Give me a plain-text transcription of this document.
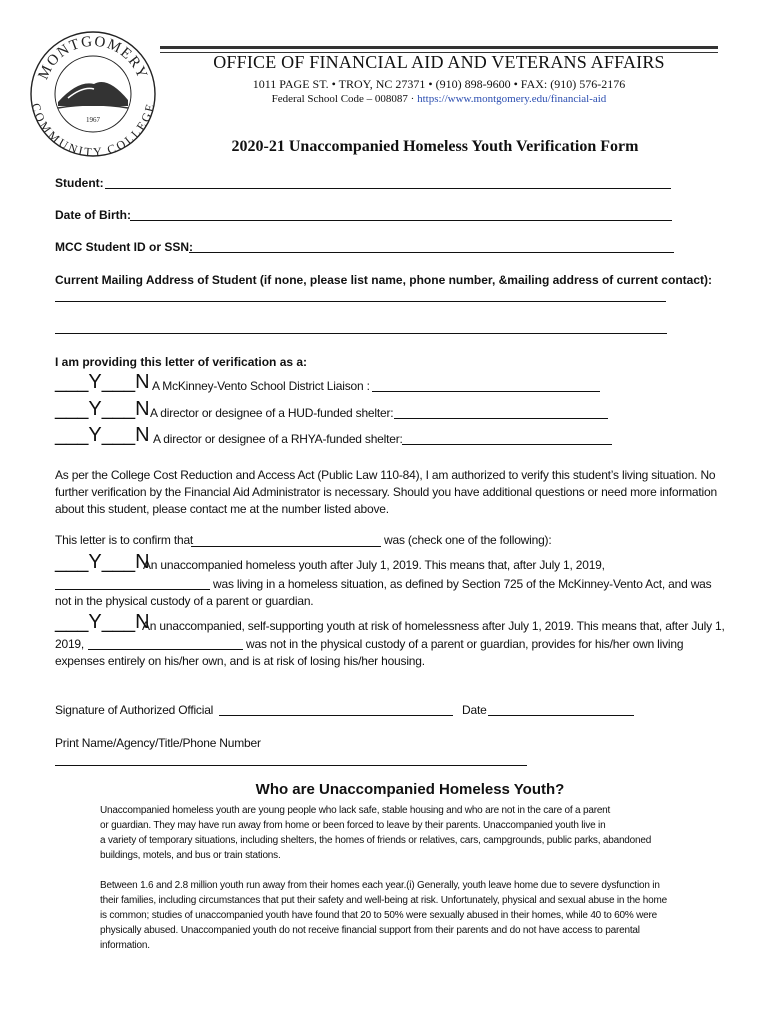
MONTGOMERY
COMMUNITY COLLEGE
1967
OFFICE OF FINANCIAL AID AND VETERANS AFFAIRS
1011 PAGE ST. • TROY, NC 27371 • (910) 898-9600 • FAX: (910) 576-2176
Federal School Code – 008087 · https://www.montgomery.edu/financial-aid
2020-21 Unaccompanied Homeless Youth Verification Form
Student:
Date of Birth:
MCC Student ID or SSN:
Current Mailing Address of Student (if none, please list name, phone number, &mailing address of current contact):
I am providing this letter of verification as a:
___Y___N A McKinney-Vento School District Liaison :
___Y___N A director or designee of a HUD-funded shelter:
___Y___N A director or designee of a RHYA-funded shelter:
As per the College Cost Reduction and Access Act (Public Law 110-84), I am authorized to verify this student’s living situation. No
further verification by the Financial Aid Administrator is necessary. Should you have additional questions or need more information
about this student, please contact me at the number listed above.
This letter is to confirm that	was (check one of the following):
___Y___N
An unaccompanied homeless youth after July 1, 2019. This means that, after July 1, 2019,
was living in a homeless situation, as defined by Section 725 of the McKinney-Vento Act, and was
not in the physical custody of a parent or guardian.
___Y___N
An unaccompanied, self-supporting youth at risk of homelessness after July 1, 2019. This means that, after July 1,
2019,	was not in the physical custody of a parent or guardian, provides for his/her own living
expenses entirely on his/her own, and is at risk of losing his/her housing.
Signature of Authorized Official	Date
Print Name/Agency/Title/Phone Number
Who are Unaccompanied Homeless Youth?
Unaccompanied homeless youth are young people who lack safe, stable housing and who are not in the care of a parent
or guardian. They may have run away from home or been forced to leave by their parents. Unaccompanied youth live in
a variety of temporary situations, including shelters, the homes of friends or relatives, cars, campgrounds, public parks, abandoned
buildings, motels, and bus or train stations.
Between 1.6 and 2.8 million youth run away from their homes each year.(i) Generally, youth leave home due to severe dysfunction in
their families, including circumstances that put their safety and well-being at risk. Unfortunately, physical and sexual abuse in the home
is common; studies of unaccompanied youth have found that 20 to 50% were sexually abused in their homes, while 40 to 60% were
physically abused. Unaccompanied youth do not receive financial support from their parents and do not have access to parental
information.
